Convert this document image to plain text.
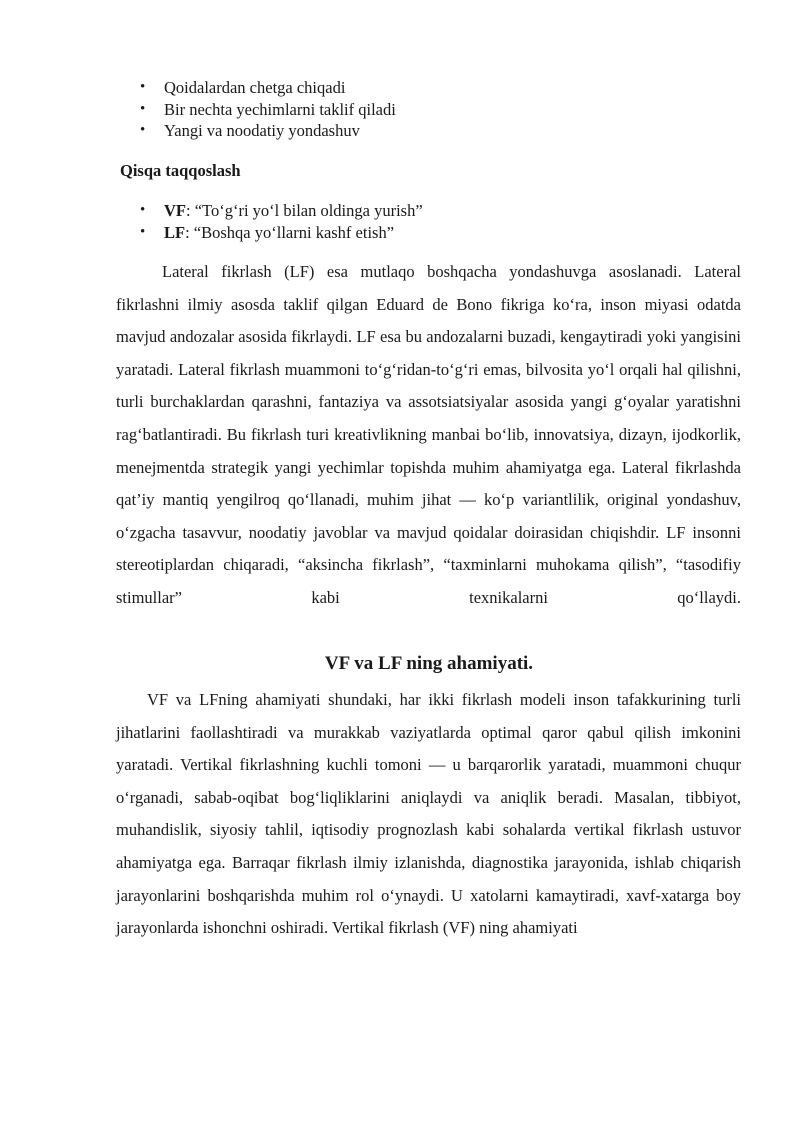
• Qoidalardan chetga chiqadi
• Bir nechta yechimlarni taklif qiladi
• Yangi va noodatiy yondashuv
Qisqa taqqoslash
• VF: “To‘g‘ri yo‘l bilan oldinga yurish”
• LF: “Boshqa yo‘llarni kashf etish”

Lateral fikrlash (LF) esa mutlaqo boshqacha yondashuvga asoslanadi. Lateral fikrlashni ilmiy asosda taklif qilgan Eduard de Bono fikriga ko‘ra, inson miyasi odatda mavjud andozalar asosida fikrlaydi. LF esa bu andozalarni buzadi, kengaytiradi yoki yangisini yaratadi. Lateral fikrlash muammoni to‘g‘ridan-to‘g‘ri emas, bilvosita yo‘l orqali hal qilishni, turli burchaklardan qarashni, fantaziya va assotsiatsiyalar asosida yangi g‘oyalar yaratishni rag‘batlantiradi. Bu fikrlash turi kreativlikning manbai bo‘lib, innovatsiya, dizayn, ijodkorlik, menejmentda strategik yangi yechimlar topishda muhim ahamiyatga ega. Lateral fikrlashda qat’iy mantiq yengilroq qo‘llanadi, muhim jihat — ko‘p variantlilik, original yondashuv, o‘zgacha tasavvur, noodatiy javoblar va mavjud qoidalar doirasidan chiqishdir. LF insonni stereotiplardan chiqaradi, “aksincha fikrlash”, “taxminlarni muhokama qilish”, “tasodifiy stimullar” kabi texnikalarni qo‘llaydi.

VF va LF ning ahamiyati.

VF va LFning ahamiyati shundaki, har ikki fikrlash modeli inson tafakkurining turli jihatlarini faollashtiradi va murakkab vaziyatlarda optimal qaror qabul qilish imkonini yaratadi. Vertikal fikrlashning kuchli tomoni — u barqarorlik yaratadi, muammoni chuqur o‘rganadi, sabab-oqibat bog‘liqliklarini aniqlaydi va aniqlik beradi. Masalan, tibbiyot, muhandislik, siyosiy tahlil, iqtisodiy prognozlash kabi sohalarda vertikal fikrlash ustuvor ahamiyatga ega. Barraqar fikrlash ilmiy izlanishda, diagnostika jarayonida, ishlab chiqarish jarayonlarini boshqarishda muhim rol o‘ynaydi. U xatolarni kamaytiradi, xavf-xatarga boy jarayonlarda ishonchni oshiradi. Vertikal fikrlash (VF) ning ahamiyati
